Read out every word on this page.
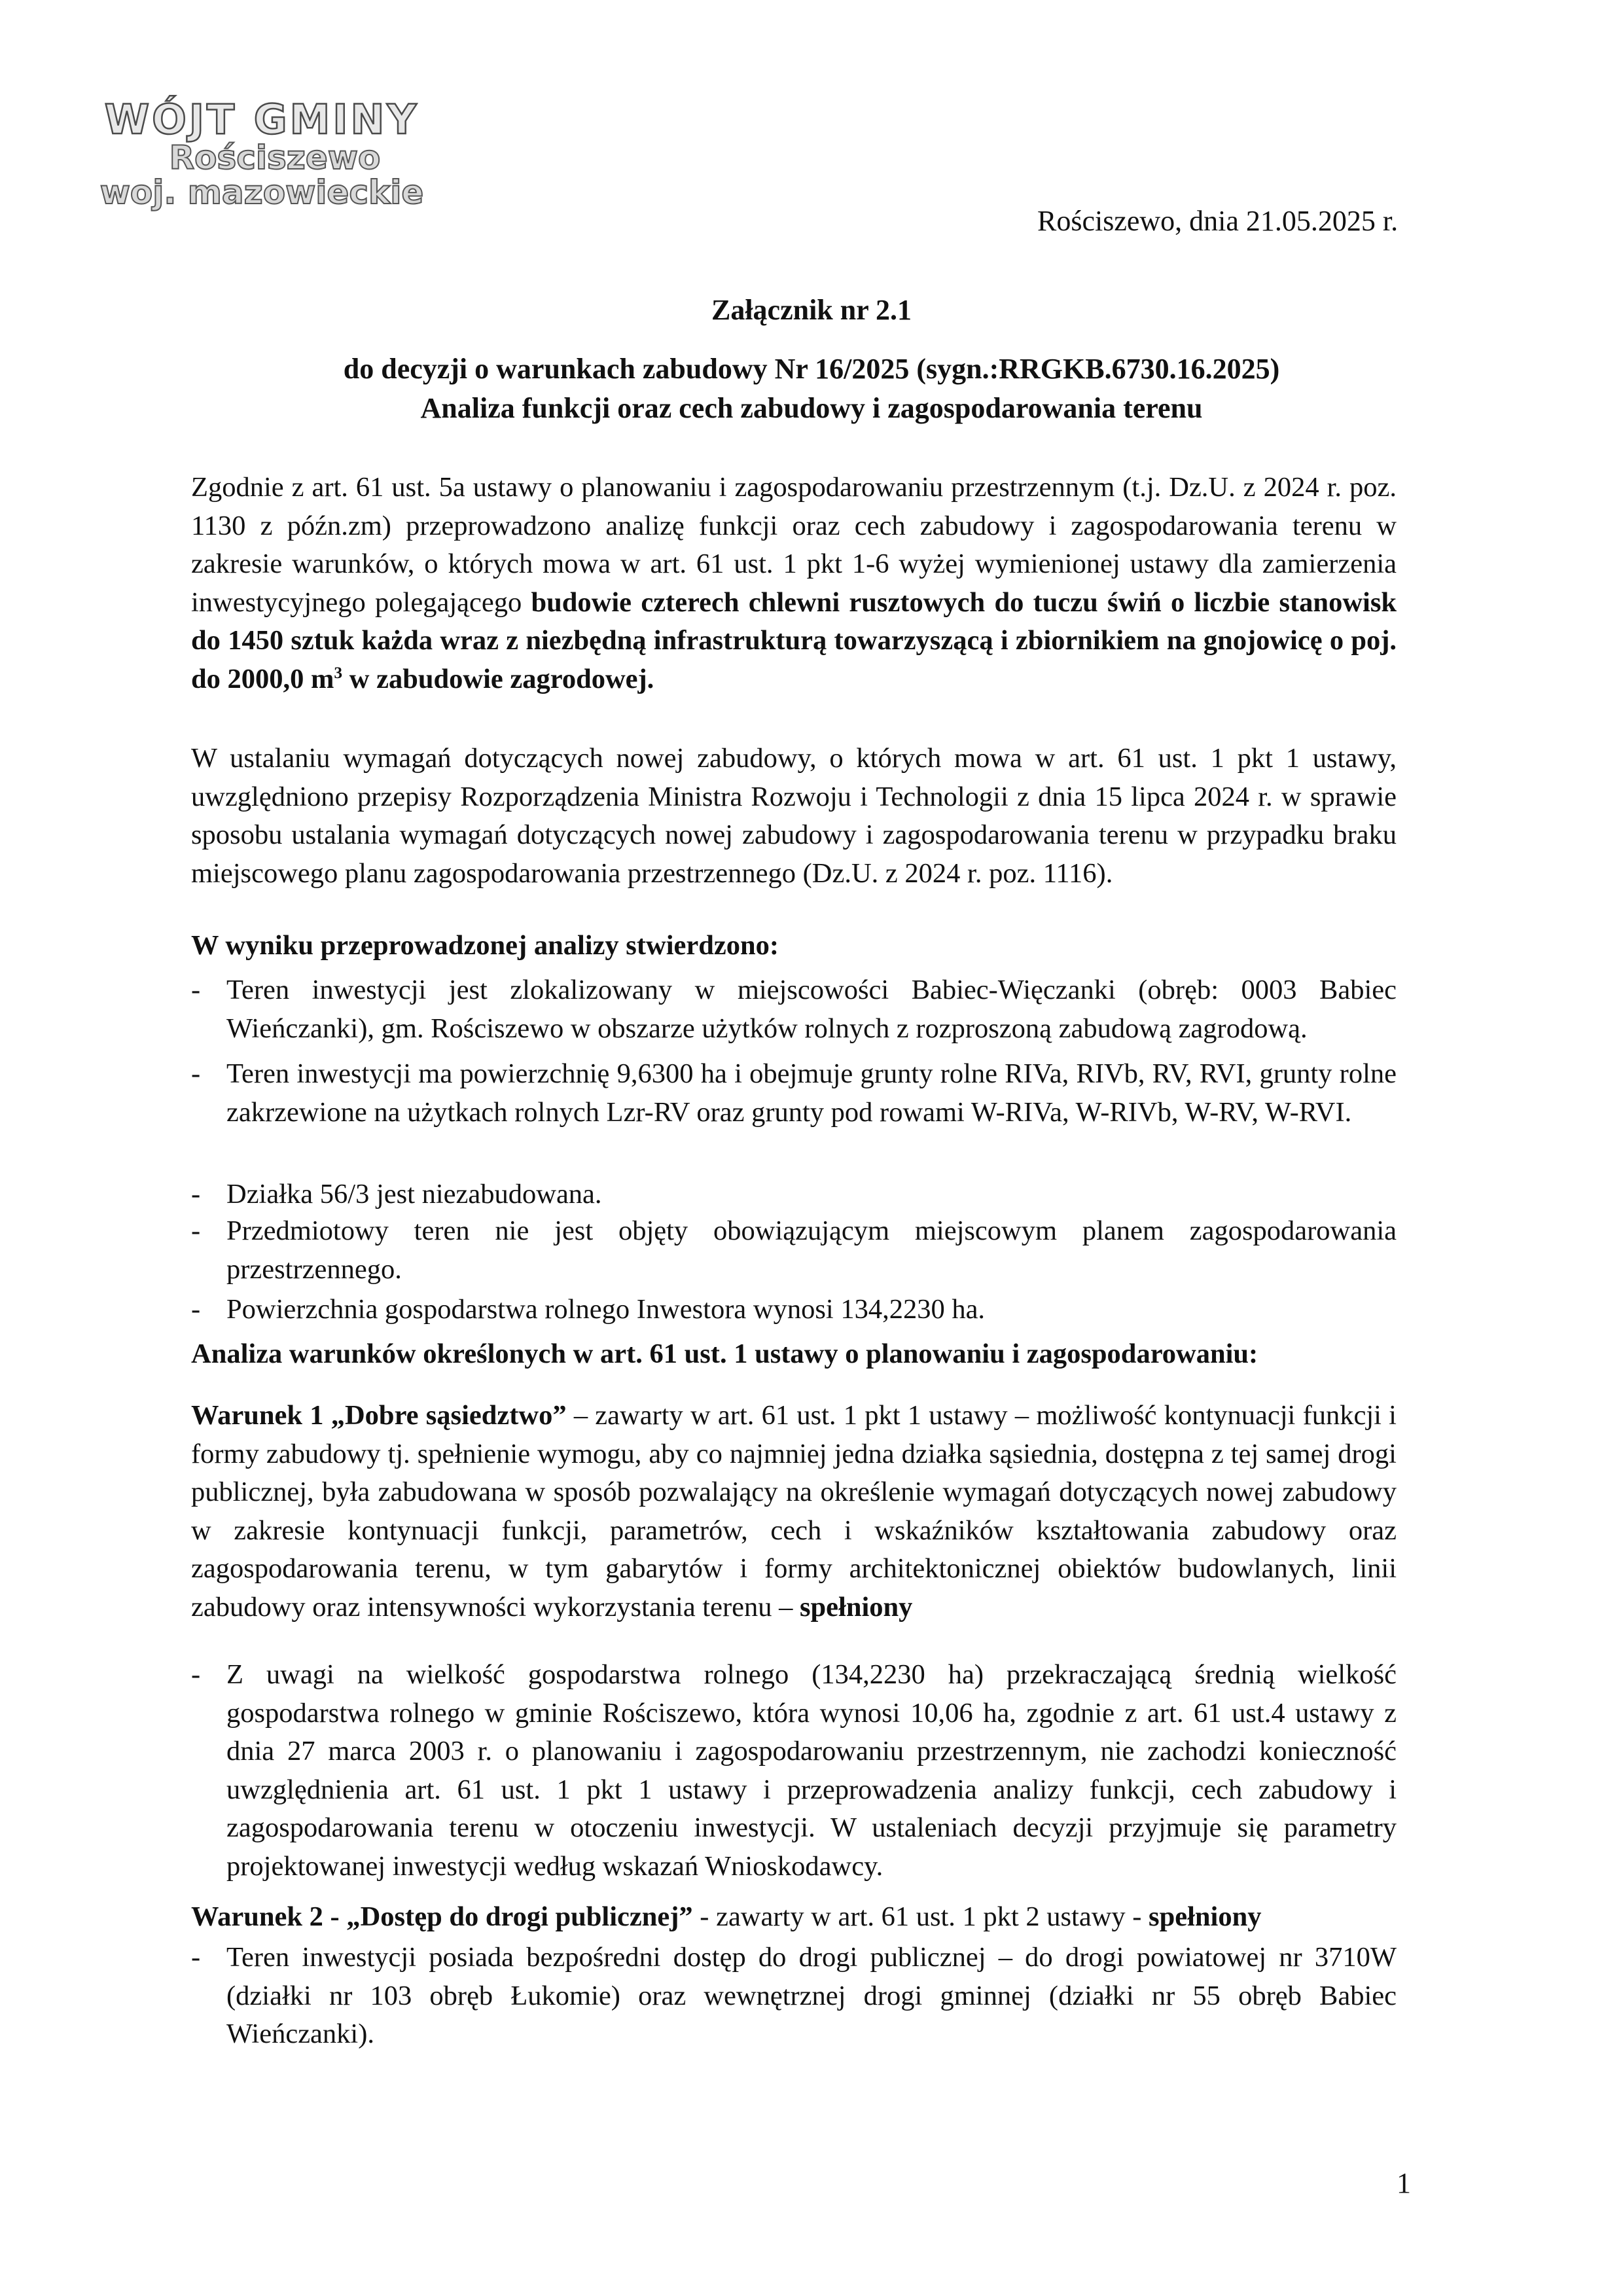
WÓJT GMINY
Rościszewo
woj. mazowieckie
Rościszewo, dnia 21.05.2025 r.
Załącznik nr 2.1
do decyzji o warunkach zabudowy Nr 16/2025 (sygn.:RRGKB.6730.16.2025)
Analiza funkcji oraz cech zabudowy i zagospodarowania terenu

Zgodnie z art. 61 ust. 5a ustawy o planowaniu i zagospodarowaniu przestrzennym (t.j. Dz.U. z 2024 r. poz. 1130 z późn.zm) przeprowadzono analizę funkcji oraz cech zabudowy i zagospodarowania terenu w zakresie warunków, o których mowa w art. 61 ust. 1 pkt 1-6 wyżej wymienionej ustawy dla zamierzenia inwestycyjnego polegającego budowie czterech chlewni rusztowych do tuczu świń o liczbie stanowisk do 1450 sztuk każda wraz z niezbędną infrastrukturą towarzyszącą i zbiornikiem na gnojowicę o poj. do 2000,0 $m^3$ w zabudowie zagrodowej.

W ustalaniu wymagań dotyczących nowej zabudowy, o których mowa w art. 61 ust. 1 pkt 1 ustawy, uwzględniono przepisy Rozporządzenia Ministra Rozwoju i Technologii z dnia 15 lipca 2024 r. w sprawie sposobu ustalania wymagań dotyczących nowej zabudowy i zagospodarowania terenu w przypadku braku miejscowego planu zagospodarowania przestrzennego (Dz.U. z 2024 r. poz. 1116).

W wyniku przeprowadzonej analizy stwierdzono:

- Teren inwestycji jest zlokalizowany w miejscowości Babiec-Więczanki (obręb: 0003 Babiec Wieńczanki), gm. Rościszewo w obszarze użytków rolnych z rozproszoną zabudową zagrodową.
- Teren inwestycji ma powierzchnię 9,6300 ha i obejmuje grunty rolne RIVa, RIVb, RV, RVI, grunty rolne zakrzewione na użytkach rolnych Lzr-RV oraz grunty pod rowami W-RIVa, W-RIVb, W-RV, W-RVI.
- Działka 56/3 jest niezabudowana.
- Przedmiotowy teren nie jest objęty obowiązującym miejscowym planem zagospodarowania przestrzennego.
- Powierzchnia gospodarstwa rolnego Inwestora wynosi 134,2230 ha.

Analiza warunków określonych w art. 61 ust. 1 ustawy o planowaniu i zagospodarowaniu:

Warunek 1 „Dobre sąsiedztwo” – zawarty w art. 61 ust. 1 pkt 1 ustawy – możliwość kontynuacji funkcji i formy zabudowy tj. spełnienie wymogu, aby co najmniej jedna działka sąsiednia, dostępna z tej samej drogi publicznej, była zabudowana w sposób pozwalający na określenie wymagań dotyczących nowej zabudowy w zakresie kontynuacji funkcji, parametrów, cech i wskaźników kształtowania zabudowy oraz zagospodarowania terenu, w tym gabarytów i formy architektonicznej obiektów budowlanych, linii zabudowy oraz intensywności wykorzystania terenu – spełniony

- Z uwagi na wielkość gospodarstwa rolnego (134,2230 ha) przekraczającą średnią wielkość gospodarstwa rolnego w gminie Rościszewo, która wynosi 10,06 ha, zgodnie z art. 61 ust.4 ustawy z dnia 27 marca 2003 r. o planowaniu i zagospodarowaniu przestrzennym, nie zachodzi konieczność uwzględnienia art. 61 ust. 1 pkt 1 ustawy i przeprowadzenia analizy funkcji, cech zabudowy i zagospodarowania terenu w otoczeniu inwestycji. W ustaleniach decyzji przyjmuje się parametry projektowanej inwestycji według wskazań Wnioskodawcy.

Warunek 2 - „Dostęp do drogi publicznej” - zawarty w art. 61 ust. 1 pkt 2 ustawy - spełniony

- Teren inwestycji posiada bezpośredni dostęp do drogi publicznej – do drogi powiatowej nr 3710W (działki nr 103 obręb Łukomie) oraz wewnętrznej drogi gminnej (działki nr 55 obręb Babiec Wieńczanki).
1
